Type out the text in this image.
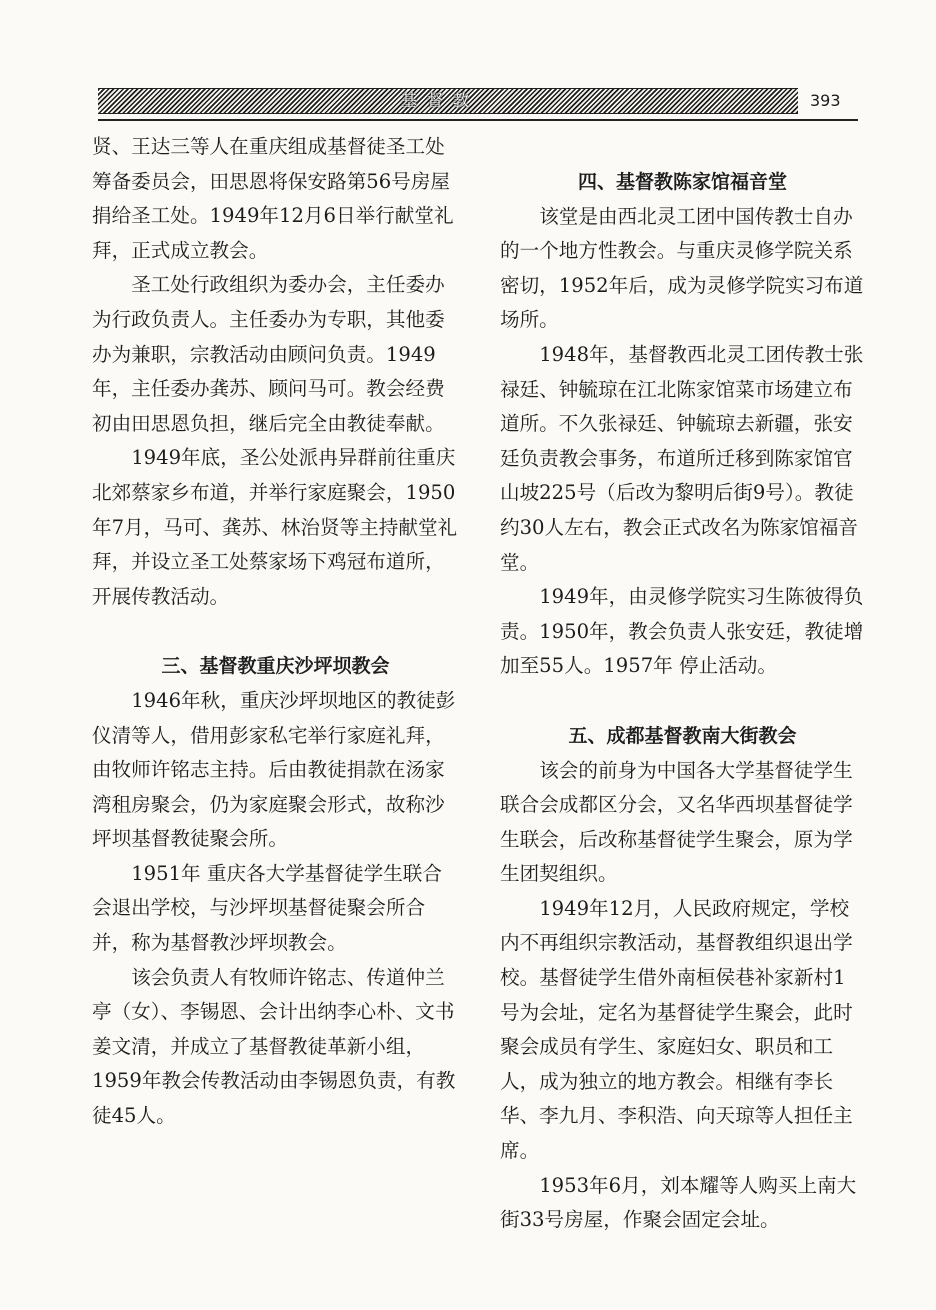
基督教	393

贤、王达三等人在重庆组成基督徒圣工处筹备委员会，田思恩将保安路第56号房屋捐给圣工处。1949年12月6日举行献堂礼拜，正式成立教会。

圣工处行政组织为委办会，主任委办为行政负责人。主任委办为专职，其他委办为兼职，宗教活动由顾问负责。1949年，主任委办龚苏、顾问马可。教会经费初由田思恩负担，继后完全由教徒奉献。

1949年底，圣公处派冉异群前往重庆北郊蔡家乡布道，并举行家庭聚会，1950年7月，马可、龚苏、林治贤等主持献堂礼拜，并设立圣工处蔡家场下鸡冠布道所，开展传教活动。

三、基督教重庆沙坪坝教会

1946年秋，重庆沙坪坝地区的教徒彭仪清等人，借用彭家私宅举行家庭礼拜，由牧师许铭志主持。后由教徒捐款在汤家湾租房聚会，仍为家庭聚会形式，故称沙坪坝基督教徒聚会所。

1951年 重庆各大学基督徒学生联合会退出学校，与沙坪坝基督徒聚会所合并，称为基督教沙坪坝教会。

该会负责人有牧师许铭志、传道仲兰亭（女）、李锡恩、会计出纳李心朴、文书姜文清，并成立了基督教徒革新小组，1959年教会传教活动由李锡恩负责，有教徒45人。

四、基督教陈家馆福音堂

该堂是由西北灵工团中国传教士自办的一个地方性教会。与重庆灵修学院关系密切，1952年后，成为灵修学院实习布道场所。

1948年，基督教西北灵工团传教士张禄廷、钟毓琼在江北陈家馆菜市场建立布道所。不久张禄廷、钟毓琼去新疆，张安廷负责教会事务，布道所迁移到陈家馆官山坡225号（后改为黎明后街9号）。教徒约30人左右，教会正式改名为陈家馆福音堂。

1949年，由灵修学院实习生陈彼得负责。1950年，教会负责人张安廷，教徒增加至55人。1957年 停止活动。

五、成都基督教南大街教会

该会的前身为中国各大学基督徒学生联合会成都区分会，又名华西坝基督徒学生联会，后改称基督徒学生聚会，原为学生团契组织。

1949年12月，人民政府规定，学校内不再组织宗教活动，基督教组织退出学校。基督徒学生借外南桓侯巷补家新村1号为会址，定名为基督徒学生聚会，此时聚会成员有学生、家庭妇女、职员和工人，成为独立的地方教会。相继有李长华、李九月、李积浩、向天琼等人担任主席。

1953年6月，刘本耀等人购买上南大街33号房屋，作聚会固定会址。
